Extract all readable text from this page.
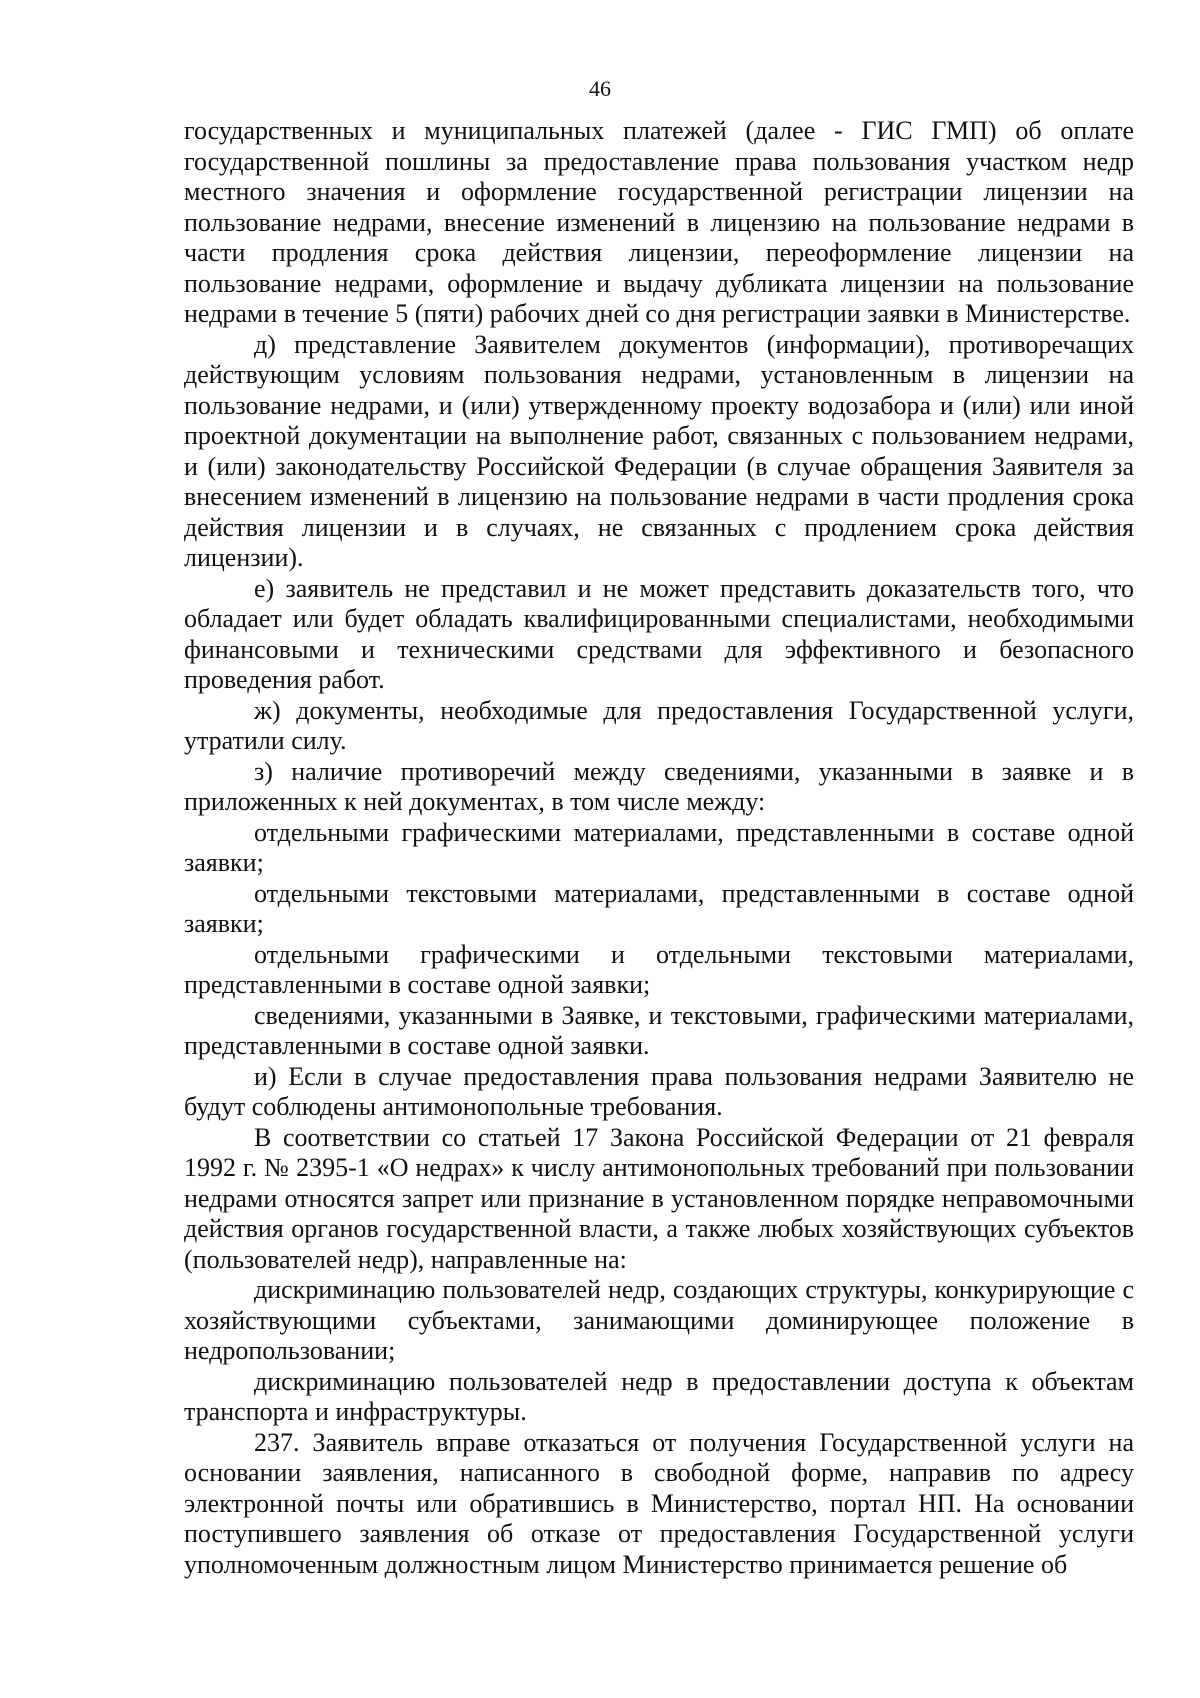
46

государственных и муниципальных платежей (далее - ГИС ГМП) об оплате государственной пошлины за предоставление права пользования участком недр местного значения и оформление государственной регистрации лицензии на пользование недрами, внесение изменений в лицензию на пользование недрами в части продления срока действия лицензии, переоформление лицензии на пользование недрами, оформление и выдачу дубликата лицензии на пользование недрами в течение 5 (пяти) рабочих дней со дня регистрации заявки в Министерстве.

д) представление Заявителем документов (информации), противоречащих действующим условиям пользования недрами, установленным в лицензии на пользование недрами, и (или) утвержденному проекту водозабора и (или) или иной проектной документации на выполнение работ, связанных с пользованием недрами, и (или) законодательству Российской Федерации (в случае обращения Заявителя за внесением изменений в лицензию на пользование недрами в части продления срока действия лицензии и в случаях, не связанных с продлением срока действия лицензии).

е) заявитель не представил и не может представить доказательств того, что обладает или будет обладать квалифицированными специалистами, необходимыми финансовыми и техническими средствами для эффективного и безопасного проведения работ.

ж) документы, необходимые для предоставления Государственной услуги, утратили силу.

з) наличие противоречий между сведениями, указанными в заявке и в приложенных к ней документах, в том числе между:

отдельными графическими материалами, представленными в составе одной заявки;

отдельными текстовыми материалами, представленными в составе одной заявки;

отдельными графическими и отдельными текстовыми материалами, представленными в составе одной заявки;

сведениями, указанными в Заявке, и текстовыми, графическими материалами, представленными в составе одной заявки.

и) Если в случае предоставления права пользования недрами Заявителю не будут соблюдены антимонопольные требования.

В соответствии со статьей 17 Закона Российской Федерации от 21 февраля 1992 г. № 2395-1 «О недрах» к числу антимонопольных требований при пользовании недрами относятся запрет или признание в установленном порядке неправомочными действия органов государственной власти, а также любых хозяйствующих субъектов (пользователей недр), направленные на:

дискриминацию пользователей недр, создающих структуры, конкурирующие с хозяйствующими субъектами, занимающими доминирующее положение в недропользовании;

дискриминацию пользователей недр в предоставлении доступа к объектам транспорта и инфраструктуры.

237. Заявитель вправе отказаться от получения Государственной услуги на основании заявления, написанного в свободной форме, направив по адресу электронной почты или обратившись в Министерство, портал НП. На основании поступившего заявления об отказе от предоставления Государственной услуги уполномоченным должностным лицом Министерство принимается решение об
